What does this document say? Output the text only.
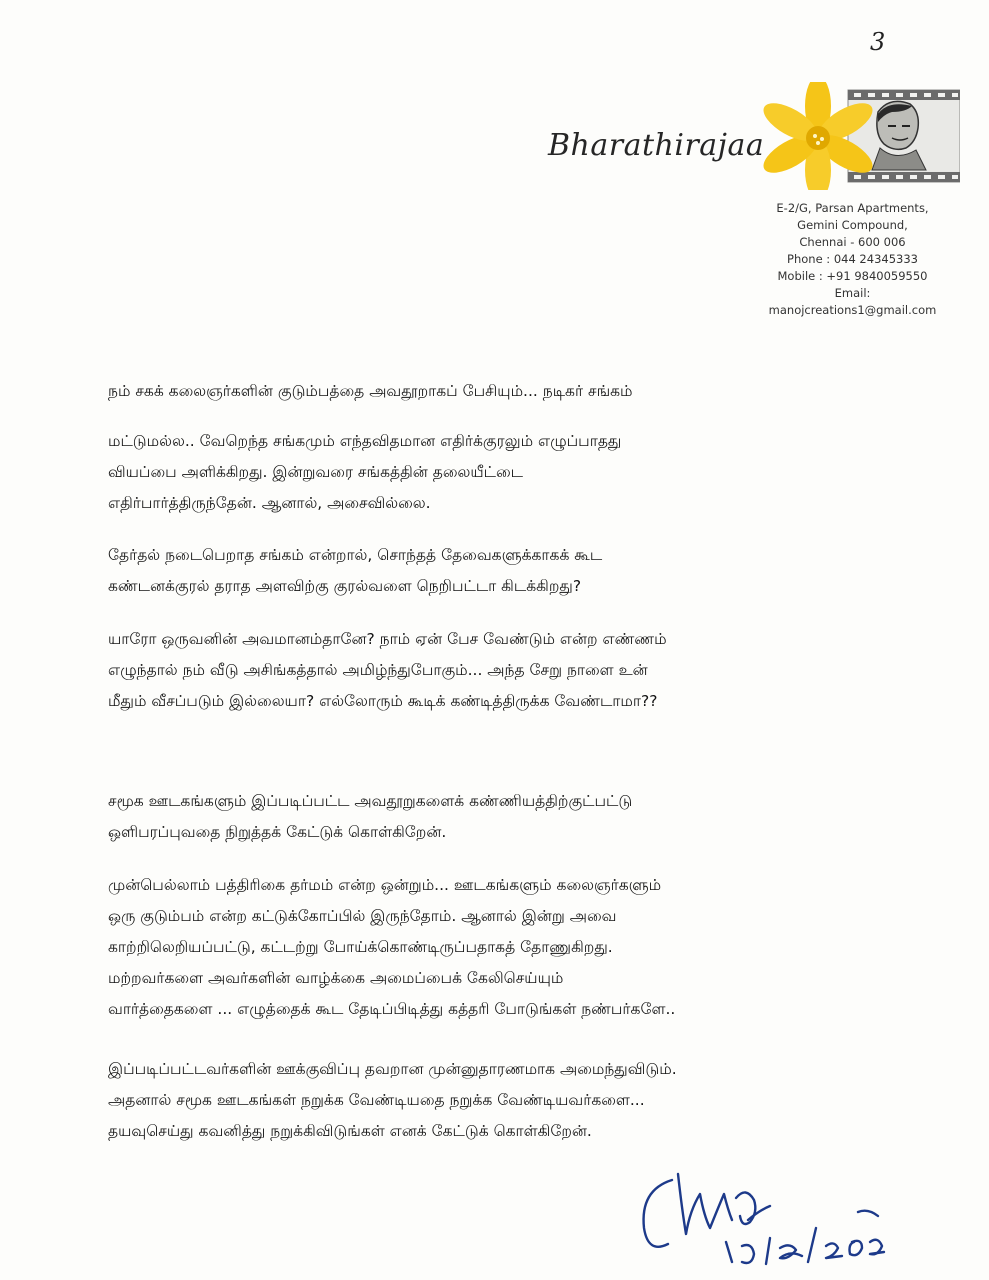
3
Bharathirajaa
E-2/G, Parsan Apartments,
Gemini Compound,
Chennai - 600 006
Phone : 044 24345333
Mobile : +91 9840059550
Email:
manojcreations1@gmail.com
நம் சகக் கலைஞர்களின் குடும்பத்தை அவதூறாகப் பேசியும்... நடிகர் சங்கம்
மட்டுமல்ல.. வேறெந்த சங்கமும் எந்தவிதமான எதிர்க்குரலும் எழுப்பாதது
வியப்பை அளிக்கிறது. இன்றுவரை சங்கத்தின் தலையீட்டை
எதிர்பார்த்திருந்தேன். ஆனால், அசைவில்லை.
தேர்தல் நடைபெறாத சங்கம் என்றால், சொந்தத் தேவைகளுக்காகக் கூட
கண்டனக்குரல் தராத அளவிற்கு குரல்வளை நெறிபட்டா கிடக்கிறது?
யாரோ ஒருவனின் அவமானம்தானே? நாம் ஏன் பேச வேண்டும் என்ற எண்ணம்
எழுந்தால் நம் வீடு அசிங்கத்தால் அமிழ்ந்துபோகும்... அந்த சேறு நாளை உன்
மீதும் வீசப்படும் இல்லையா? எல்லோரும் கூடிக் கண்டித்திருக்க வேண்டாமா??
சமூக ஊடகங்களும் இப்படிப்பட்ட அவதூறுகளைக் கண்ணியத்திற்குட்பட்டு
ஒளிபரப்புவதை நிறுத்தக் கேட்டுக் கொள்கிறேன்.
முன்பெல்லாம் பத்திரிகை தர்மம் என்ற ஒன்றும்... ஊடகங்களும் கலைஞர்களும்
ஒரு குடும்பம் என்ற கட்டுக்கோப்பில் இருந்தோம். ஆனால் இன்று அவை
காற்றிலெறியப்பட்டு, கட்டற்று போய்க்கொண்டிருப்பதாகத் தோணுகிறது.
மற்றவர்களை அவர்களின் வாழ்க்கை அமைப்பைக் கேலிசெய்யும்
வார்த்தைகளை ... எழுத்தைக் கூட தேடிப்பிடித்து கத்தரி போடுங்கள் நண்பர்களே..
இப்படிப்பட்டவர்களின் ஊக்குவிப்பு தவறான முன்னுதாரணமாக அமைந்துவிடும்.
அதனால் சமூக ஊடகங்கள் நறுக்க வேண்டியதை நறுக்க வேண்டியவர்களை...
தயவுசெய்து கவனித்து நறுக்கிவிடுங்கள் எனக் கேட்டுக் கொள்கிறேன்.
